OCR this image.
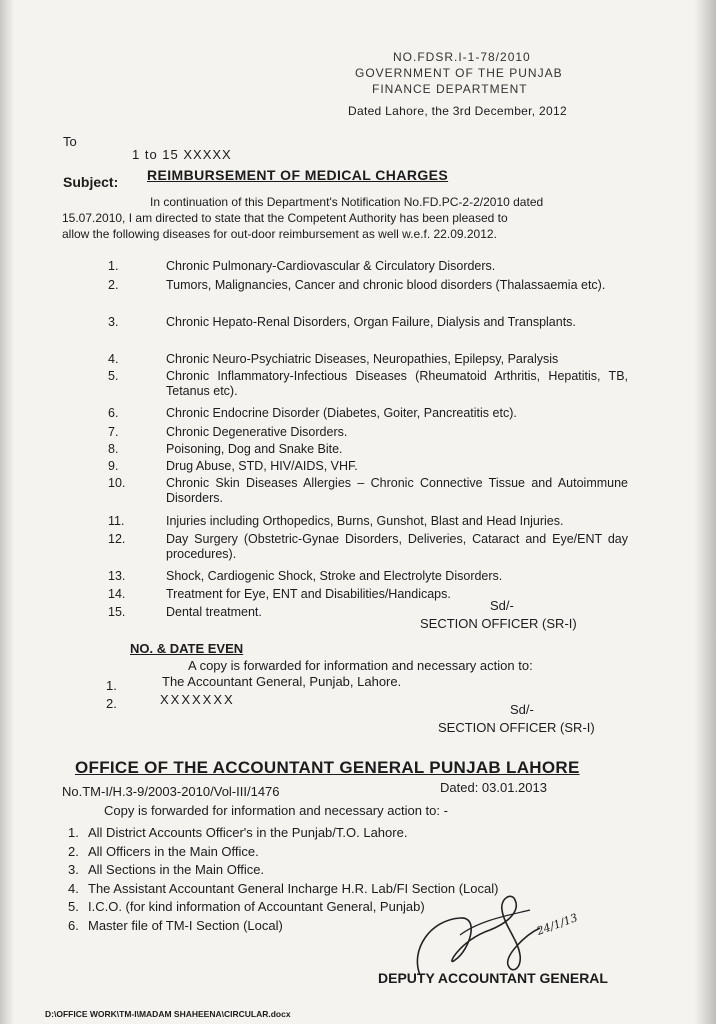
NO.FDSR.I-1-78/2010
GOVERNMENT OF THE PUNJAB
FINANCE DEPARTMENT
Dated Lahore, the 3rd December, 2012
To
1 to 15 XXXXX
Subject: REIMBURSEMENT OF MEDICAL CHARGES
In continuation of this Department's Notification No.FD.PC-2-2/2010 dated
15.07.2010, I am directed to state that the Competent Authority has been pleased to
allow the following diseases for out-door reimbursement as well w.e.f. 22.09.2012.
1.	Chronic Pulmonary-Cardiovascular & Circulatory Disorders.
2.	Tumors, Malignancies, Cancer and chronic blood disorders (Thalassaemia etc).
3.	Chronic Hepato-Renal Disorders, Organ Failure, Dialysis and Transplants.
4.	Chronic Neuro-Psychiatric Diseases, Neuropathies, Epilepsy, Paralysis
5.	Chronic Inflammatory-Infectious Diseases (Rheumatoid Arthritis, Hepatitis, TB, Tetanus etc).
6.	Chronic Endocrine Disorder (Diabetes, Goiter, Pancreatitis etc).
7.	Chronic Degenerative Disorders.
8.	Poisoning, Dog and Snake Bite.
9.	Drug Abuse, STD, HIV/AIDS, VHF.
10.	Chronic Skin Diseases Allergies – Chronic Connective Tissue and Autoimmune Disorders.
11.	Injuries including Orthopedics, Burns, Gunshot, Blast and Head Injuries.
12.	Day Surgery (Obstetric-Gynae Disorders, Deliveries, Cataract and Eye/ENT day procedures).
13.	Shock, Cardiogenic Shock, Stroke and Electrolyte Disorders.
14.	Treatment for Eye, ENT and Disabilities/Handicaps.
15.	Dental treatment.	Sd/-
SECTION OFFICER (SR-I)
NO. & DATE EVEN
A copy is forwarded for information and necessary action to:
1.	The Accountant General, Punjab, Lahore.
2.	XXXXXXX
Sd/-
SECTION OFFICER (SR-I)
OFFICE OF THE ACCOUNTANT GENERAL PUNJAB LAHORE
No.TM-I/H.3-9/2003-2010/Vol-III/1476	Dated: 03.01.2013
Copy is forwarded for information and necessary action to: -
1. All District Accounts Officer's in the Punjab/T.O. Lahore.
2. All Officers in the Main Office.
3. All Sections in the Main Office.
4. The Assistant Accountant General Incharge H.R. Lab/FI Section (Local)
5. I.C.O. (for kind information of Accountant General, Punjab)
6. Master file of TM-I Section (Local)	24/1/13
DEPUTY ACCOUNTANT GENERAL
D:\OFFICE WORK\TM-I\MADAM SHAHEENA\CIRCULAR.docx
